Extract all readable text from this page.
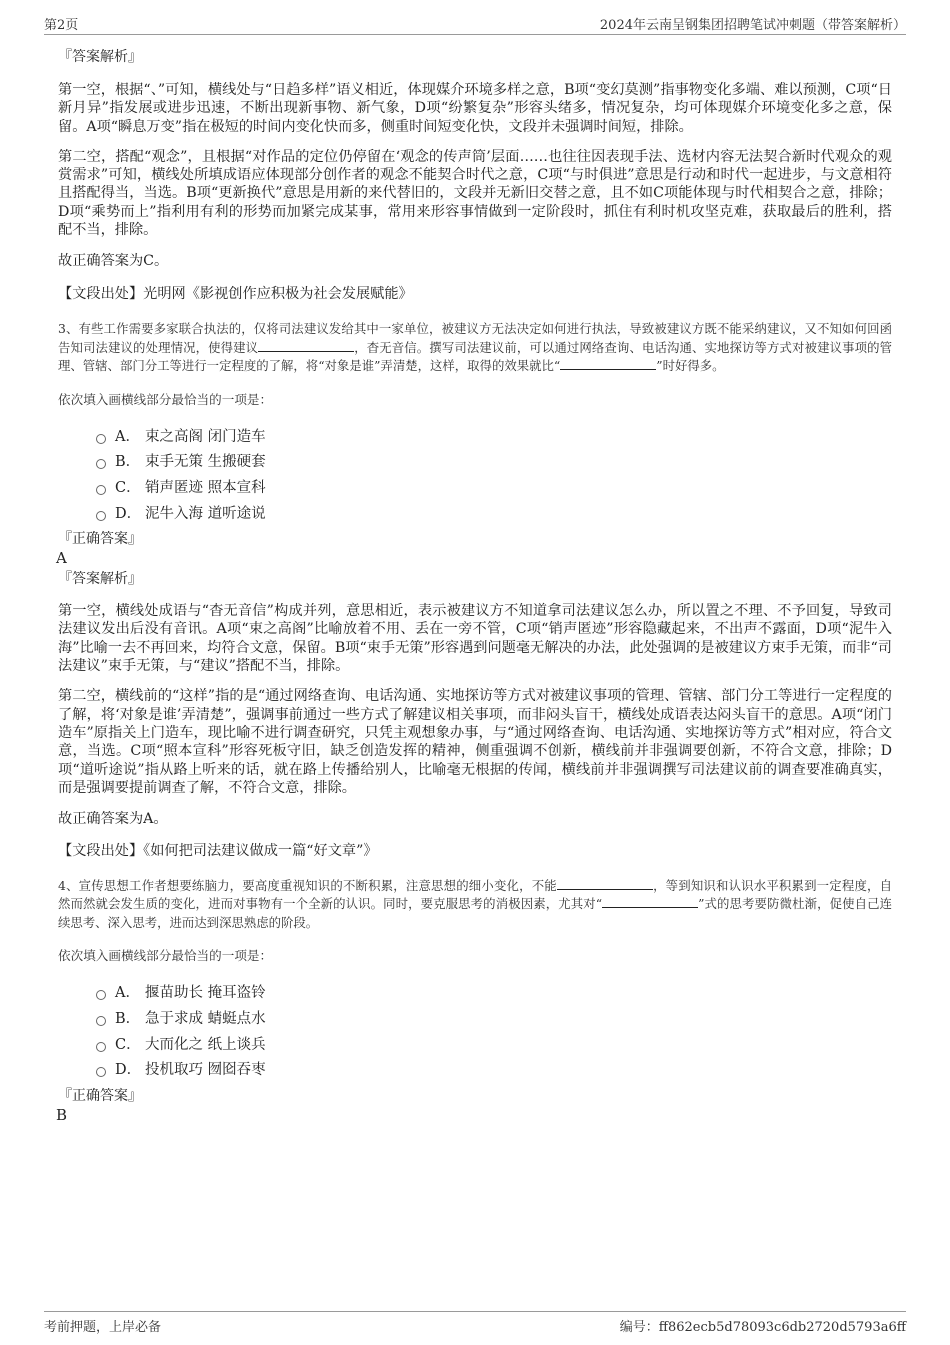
第2页	2024年云南呈钢集团招聘笔试冲刺题（带答案解析）
『答案解析』

第一空，根据“、”可知，横线处与“日趋多样”语义相近，体现媒介环境多样之意，B项“变幻莫测”指事物变化多端、难以预测，C项“日新月异”指发展或进步迅速，不断出现新事物、新气象，D项“纷繁复杂”形容头绪多，情况复杂，均可体现媒介环境变化多之意，保留。A项“瞬息万变”指在极短的时间内变化快而多，侧重时间短变化快，文段并未强调时间短，排除。

第二空，搭配“观念”，且根据“对作品的定位仍停留在‘观念的传声筒’层面……也往往因表现手法、选材内容无法契合新时代观众的观赏需求”可知，横线处所填成语应体现部分创作者的观念不能契合时代之意，C项“与时俱进”意思是行动和时代一起进步，与文意相符且搭配得当，当选。B项“更新换代”意思是用新的来代替旧的，文段并无新旧交替之意，且不如C项能体现与时代相契合之意，排除；D项“乘势而上”指利用有利的形势而加紧完成某事，常用来形容事情做到一定阶段时，抓住有利时机攻坚克难，获取最后的胜利，搭配不当，排除。

故正确答案为C。

【文段出处】光明网《影视创作应积极为社会发展赋能》

3、有些工作需要多家联合执法的，仅将司法建议发给其中一家单位，被建议方无法决定如何进行执法，导致被建议方既不能采纳建议，又不知如何回函告知司法建议的处理情况，使得建议	，杳无音信。撰写司法建议前，可以通过网络查询、电话沟通、实地探访等方式对被建议事项的管理、管辖、部门分工等进行一定程度的了解，将“对象是谁”弄清楚，这样，取得的效果就比“	”时好得多。

依次填入画横线部分最恰当的一项是：

A． 束之高阁 闭门造车
B． 束手无策 生搬硬套
C． 销声匿迹 照本宣科
D． 泥牛入海 道听途说
『正确答案』

A

『答案解析』

第一空，横线处成语与“杳无音信”构成并列，意思相近，表示被建议方不知道拿司法建议怎么办，所以置之不理、不予回复，导致司法建议发出后没有音讯。A项“束之高阁”比喻放着不用、丢在一旁不管，C项“销声匿迹”形容隐藏起来，不出声不露面，D项“泥牛入海”比喻一去不再回来，均符合文意，保留。B项“束手无策”形容遇到问题毫无解决的办法，此处强调的是被建议方束手无策，而非“司法建议”束手无策，与“建议”搭配不当，排除。

第二空，横线前的“这样”指的是“通过网络查询、电话沟通、实地探访等方式对被建议事项的管理、管辖、部门分工等进行一定程度的了解，将‘对象是谁’弄清楚”，强调事前通过一些方式了解建议相关事项，而非闷头盲干，横线处成语表达闷头盲干的意思。A项“闭门造车”原指关上门造车，现比喻不进行调查研究，只凭主观想象办事，与“通过网络查询、电话沟通、实地探访等方式”相对应，符合文意，当选。C项“照本宣科”形容死板守旧，缺乏创造发挥的精神，侧重强调不创新，横线前并非强调要创新，不符合文意，排除；D项“道听途说”指从路上听来的话，就在路上传播给别人，比喻毫无根据的传闻，横线前并非强调撰写司法建议前的调查要准确真实，而是强调要提前调查了解，不符合文意，排除。

故正确答案为A。

【文段出处】《如何把司法建议做成一篇“好文章”》

4、宣传思想工作者想要练脑力，要高度重视知识的不断积累，注意思想的细小变化，不能	，等到知识和认识水平积累到一定程度，自然而然就会发生质的变化，进而对事物有一个全新的认识。同时，要克服思考的消极因素，尤其对“	”式的思考要防微杜渐，促使自己连续思考、深入思考，进而达到深思熟虑的阶段。

依次填入画横线部分最恰当的一项是：

A． 揠苗助长 掩耳盗铃
B． 急于求成 蜻蜓点水
C． 大而化之 纸上谈兵
D． 投机取巧 囫囵吞枣
『正确答案』

B

考前押题，上岸必备	编号：ff862ecb5d78093c6db2720d5793a6ff
